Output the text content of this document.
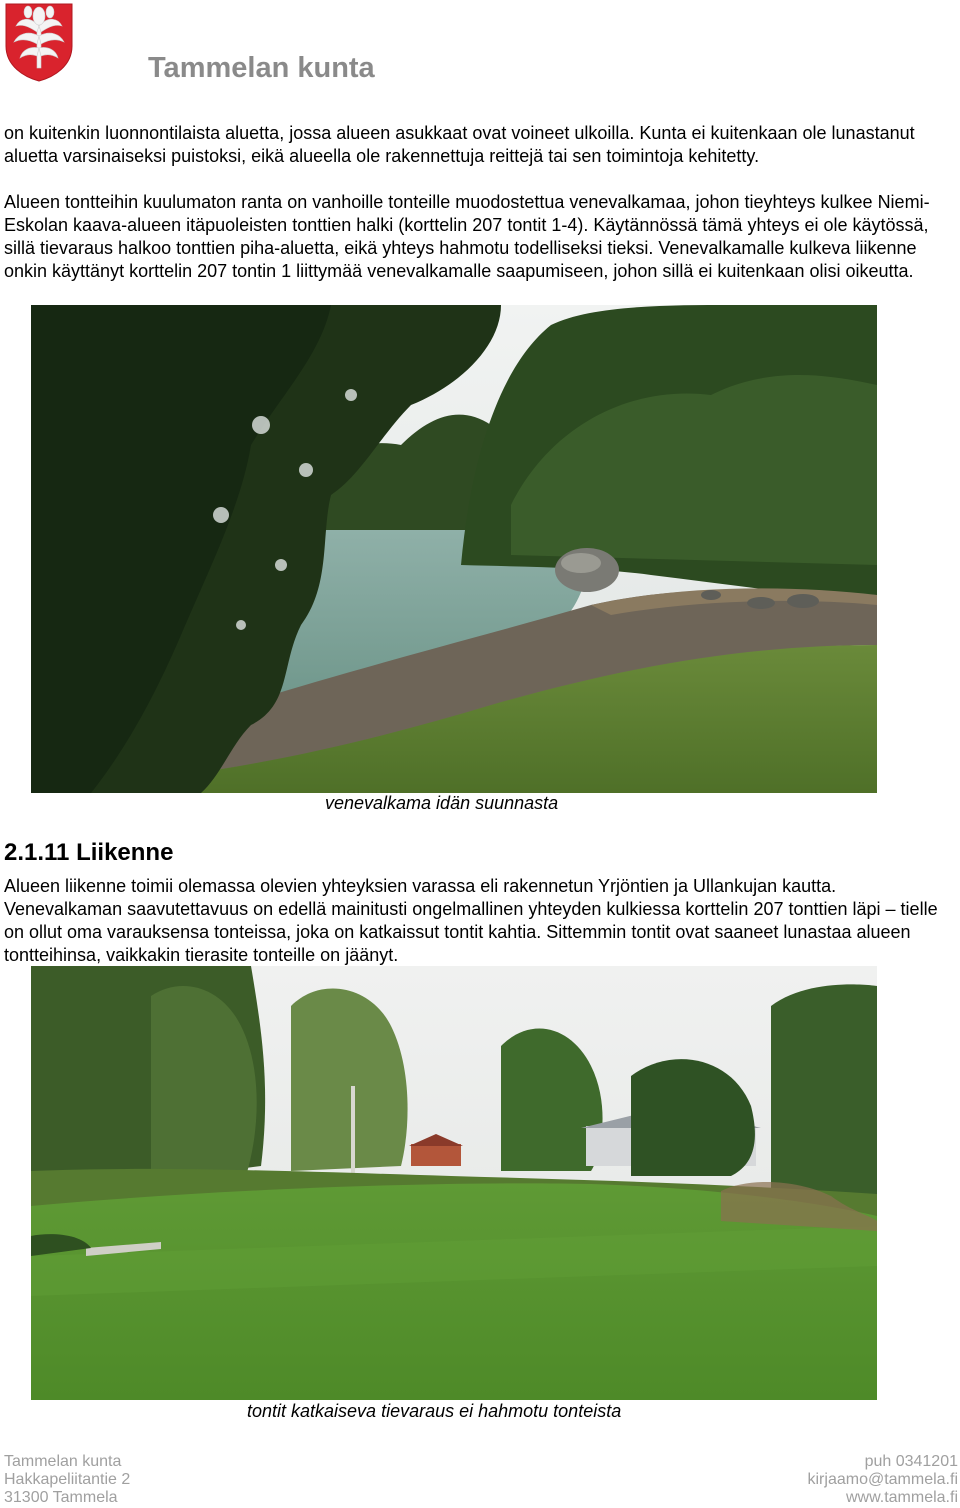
Tammelan kunta

on kuitenkin luonnontilaista aluetta, jossa alueen asukkaat ovat voineet ulkoilla. Kunta ei kuitenkaan ole lunastanut aluetta varsinaiseksi puistoksi, eikä alueella ole rakennettuja reittejä tai sen toimintoja kehitetty.

Alueen tontteihin kuulumaton ranta on vanhoille tonteille muodostettua venevalkamaa, johon tieyhteys kulkee Niemi-Eskolan kaava-alueen itäpuoleisten tonttien halki (korttelin 207 tontit 1-4). Käytännössä tämä yhteys ei ole käytössä, sillä tievaraus halkoo tonttien piha-aluetta, eikä yhteys hahmotu todelliseksi tieksi. Venevalkamalle kulkeva liikenne onkin käyttänyt korttelin 207 tontin 1 liittymää venevalkamalle saapumiseen, johon sillä ei kuitenkaan olisi oikeutta.

venevalkama idän suunnasta

2.1.11 Liikenne

Alueen liikenne toimii olemassa olevien yhteyksien varassa eli rakennetun Yrjöntien ja Ullankujan kautta. Venevalkaman saavutettavuus on edellä mainitusti ongelmallinen yhteyden kulkiessa korttelin 207 tonttien läpi – tielle on ollut oma varauksensa tonteissa, joka on katkaissut tontit kahtia. Sittemmin tontit ovat saaneet lunastaa alueen tontteihinsa, vaikkakin tierasite tonteille on jäänyt.

tontit katkaiseva tievaraus ei hahmotu tonteista

Tammelan kunta
Hakkapeliitantie 2
31300 Tammela
puh 0341201
kirjaamo@tammela.fi
www.tammela.fi
